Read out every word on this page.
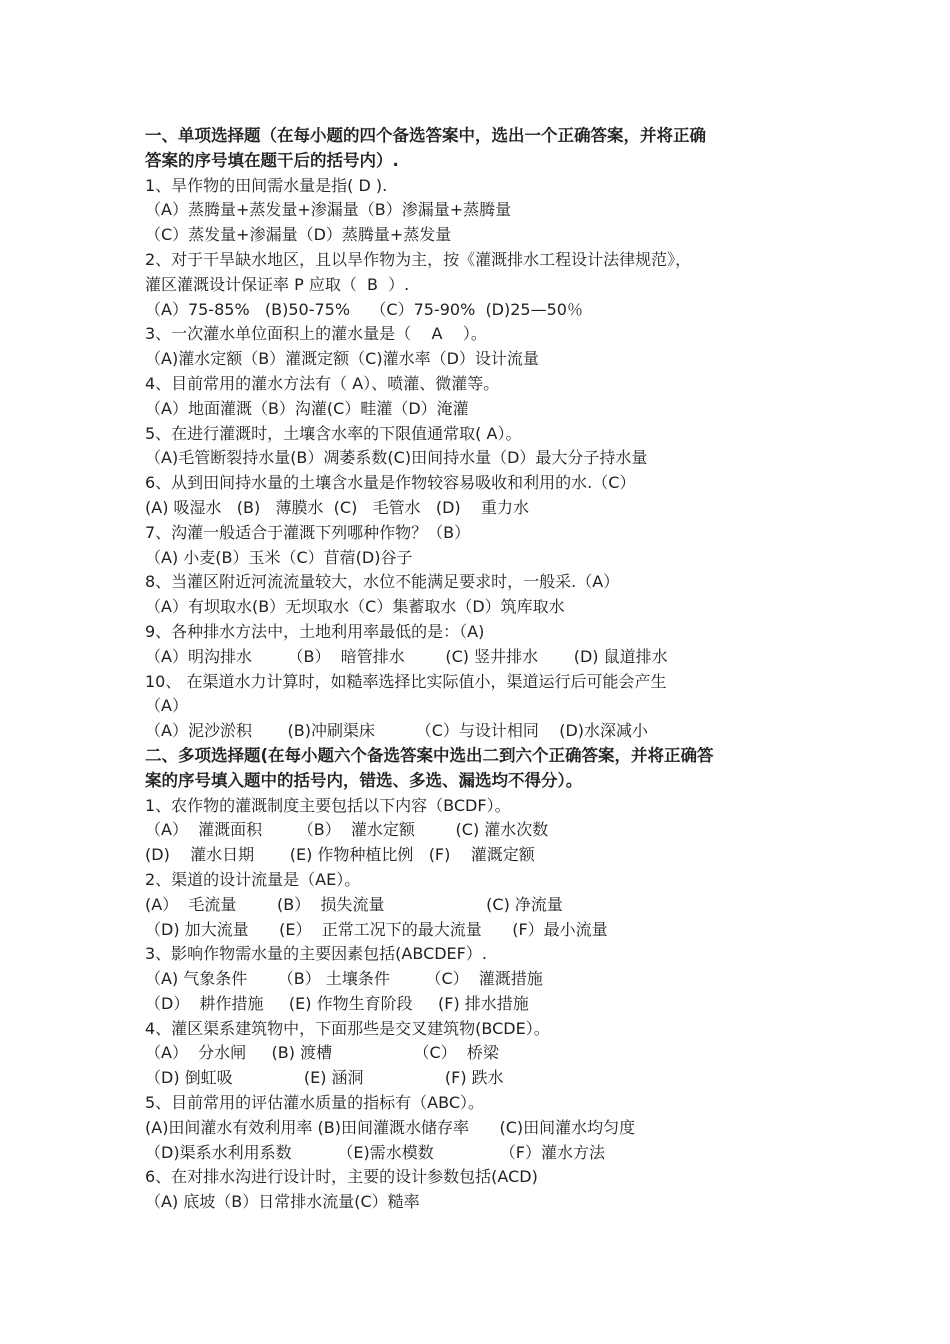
一、单项选择题（在每小题的四个备选答案中，选出一个正确答案，并将正确
答案的序号填在题干后的括号内）.
1、旱作物的田间需水量是指( D ).
（A）蒸腾量+蒸发量+渗漏量（B）渗漏量+蒸腾量
（C）蒸发量+渗漏量（D）蒸腾量+蒸发量
2、对于干旱缺水地区，且以旱作物为主，按《灌溉排水工程设计法律规范》，
灌区灌溉设计保证率 P 应取（  B  ）.
（A）75-85%   (B)50-75%    （C）75-90%  (D)25—50％
3、一次灌水单位面积上的灌水量是（    A    ）。
（A)灌水定额（B）灌溉定额（C)灌水率（D）设计流量
4、目前常用的灌水方法有（ A）、喷灌、微灌等。
（A）地面灌溉（B）沟灌(C）畦灌（D）淹灌
5、在进行灌溉时，土壤含水率的下限值通常取( A）。
（A)毛管断裂持水量(B）凋萎系数(C)田间持水量（D）最大分子持水量
6、从到田间持水量的土壤含水量是作物较容易吸收和利用的水.（C）
(A) 吸湿水   (B)   薄膜水  (C)   毛管水   (D)    重力水
7、沟灌一般适合于灌溉下列哪种作物？（B）
（A) 小麦(B）玉米（C）苜蓿(D)谷子
8、当灌区附近河流流量较大，水位不能满足要求时，一般采.（A）
（A）有坝取水(B）无坝取水（C）集蓄取水（D）筑库取水
9、各种排水方法中，土地利用率最低的是：（A)
（A）明沟排水       （B）  暗管排水        (C) 竖井排水       (D) 鼠道排水
10、 在渠道水力计算时，如糙率选择比实际值小，渠道运行后可能会产生
（A）
（A）泥沙淤积       (B)冲刷渠床        （C）与设计相同    (D)水深减小
二、多项选择题(在每小题六个备选答案中选出二到六个正确答案，并将正确答
案的序号填入题中的括号内，错选、多选、漏选均不得分）。
1、农作物的灌溉制度主要包括以下内容（BCDF）。
（A）  灌溉面积       （B）  灌水定额        (C) 灌水次数
(D)    灌水日期       (E) 作物种植比例   (F)    灌溉定额
2、渠道的设计流量是（AE）。
(A）  毛流量        (B）  损失流量                    (C) 净流量
（D) 加大流量      (E）  正常工况下的最大流量      (F）最小流量
3、影响作物需水量的主要因素包括(ABCDEF）.
（A) 气象条件      （B） 土壤条件       （C）  灌溉措施
（D）  耕作措施     (E) 作物生育阶段     (F) 排水措施
4、灌区渠系建筑物中，下面那些是交叉建筑物(BCDE）。
（A）  分水闸     (B) 渡槽                （C）  桥梁
（D) 倒虹吸              (E) 涵洞                (F) 跌水
5、目前常用的评估灌水质量的指标有（ABC）。
(A)田间灌水有效利用率 (B)田间灌溉水储存率      (C)田间灌水均匀度
（D)渠系水利用系数         （E)需水模数             （F）灌水方法
6、在对排水沟进行设计时，主要的设计参数包括(ACD)
（A) 底坡（B）日常排水流量(C）糙率
